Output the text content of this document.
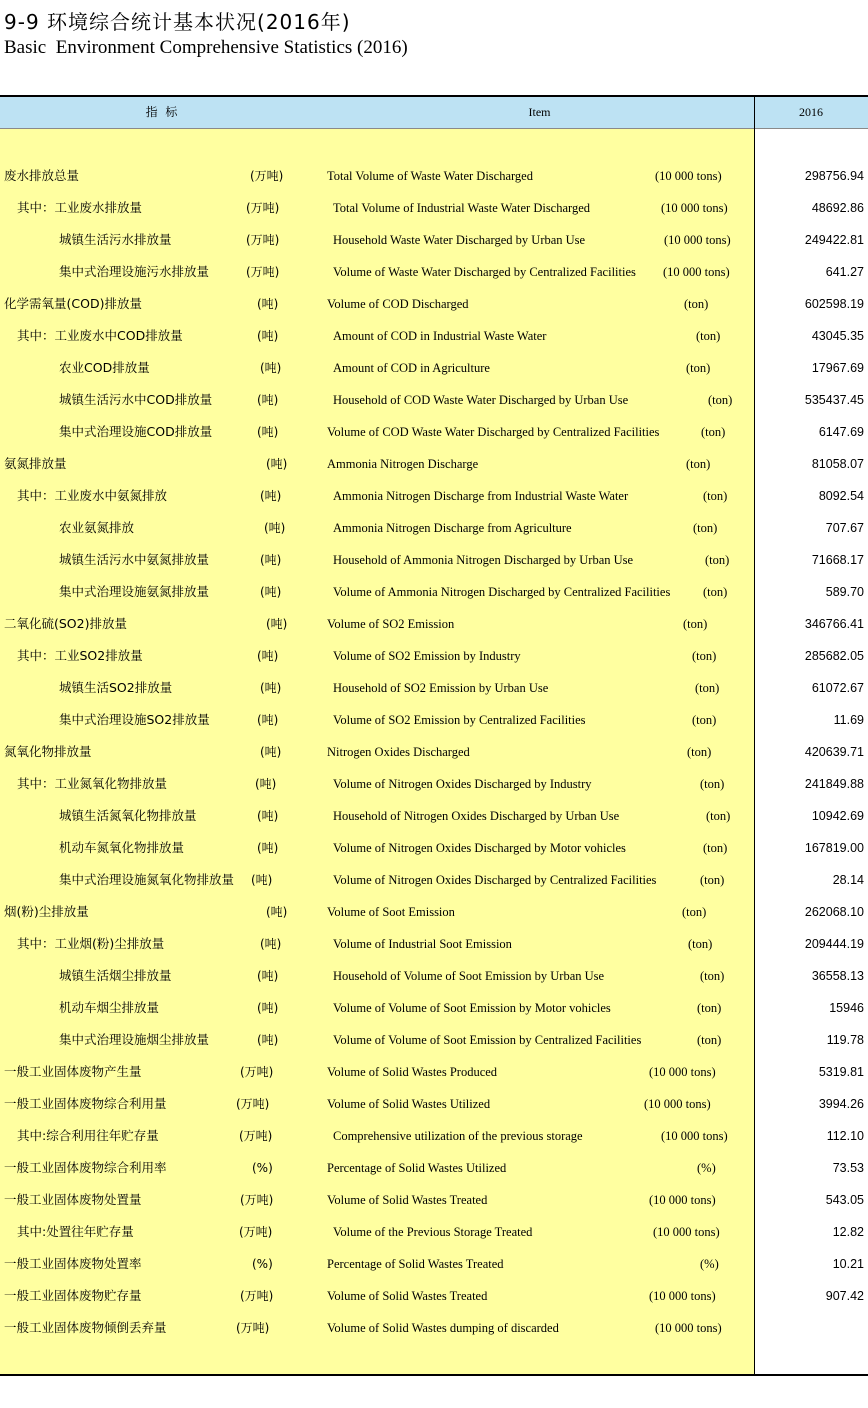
9-9 环境综合统计基本状况(2016年)
Basic  Environment Comprehensive Statistics (2016)
指 标	Item	2016
废水排放总量	(万吨)	Total Volume of Waste Water Discharged	(10 000 tons)	298756.94
其中：工业废水排放量	(万吨)	Total Volume of Industrial Waste Water Discharged	(10 000 tons)	48692.86
城镇生活污水排放量	(万吨)	Household Waste Water Discharged by Urban Use	(10 000 tons)	249422.81
集中式治理设施污水排放量	(万吨)	Volume of Waste Water Discharged by Centralized Facilities (10 000 tons)	641.27
化学需氧量(COD)排放量	(吨)	Volume of COD Discharged	(ton)	602598.19
其中：工业废水中COD排放量	(吨)	Amount of COD in Industrial Waste Water	(ton)	43045.35
农业COD排放量	(吨)	Amount of COD in Agriculture	(ton)	17967.69
城镇生活污水中COD排放量	(吨)	Household of COD Waste Water Discharged by Urban Use	(ton)	535437.45
集中式治理设施COD排放量	(吨)	Volume of COD Waste Water Discharged by Centralized Facilities	(ton)	6147.69
氨氮排放量	(吨)	Ammonia Nitrogen Discharge	(ton)	81058.07
其中：工业废水中氨氮排放	(吨)	Ammonia Nitrogen Discharge from Industrial Waste Water	(ton)	8092.54
农业氨氮排放	(吨)	Ammonia Nitrogen Discharge from Agriculture	(ton)	707.67
城镇生活污水中氨氮排放量	(吨)	Household of Ammonia Nitrogen Discharged by Urban Use	(ton)	71668.17
集中式治理设施氨氮排放量	(吨)	Volume of Ammonia Nitrogen Discharged by Centralized Facilities	(ton)	589.70
二氧化硫(SO2)排放量	(吨)	Volume of SO2 Emission	(ton)	346766.41
其中：工业SO2排放量	(吨)	Volume of SO2 Emission by Industry	(ton)	285682.05
城镇生活SO2排放量	(吨)	Household of SO2 Emission by Urban Use	(ton)	61072.67
集中式治理设施SO2排放量	(吨)	Volume of SO2 Emission by Centralized Facilities	(ton)	11.69
氮氧化物排放量	(吨)	Nitrogen Oxides Discharged	(ton)	420639.71
其中：工业氮氧化物排放量	(吨)	Volume of Nitrogen Oxides Discharged by Industry	(ton)	241849.88
城镇生活氮氧化物排放量	(吨)	Household of Nitrogen Oxides Discharged by Urban Use	(ton)	10942.69
机动车氮氧化物排放量	(吨)	Volume of Nitrogen Oxides Discharged by Motor vohicles	(ton)	167819.00
集中式治理设施氮氧化物排放量 (吨)	Volume of Nitrogen Oxides Discharged by Centralized Facilities	(ton)	28.14
烟(粉)尘排放量	(吨)	Volume of Soot Emission	(ton)	262068.10
其中：工业烟(粉)尘排放量	(吨)	Volume of Industrial Soot Emission	(ton)	209444.19
城镇生活烟尘排放量	(吨)	Household of Volume of Soot Emission by Urban Use	(ton)	36558.13
机动车烟尘排放量	(吨)	Volume of Volume of Soot Emission by Motor vohicles	(ton)	15946
集中式治理设施烟尘排放量	(吨)	Volume of Volume of Soot Emission by Centralized Facilities	(ton)	119.78
一般工业固体废物产生量	(万吨)	Volume of Solid Wastes Produced	(10 000 tons)	5319.81
一般工业固体废物综合利用量	(万吨)	Volume of Solid Wastes Utilized	(10 000 tons)	3994.26
其中:综合利用往年贮存量	(万吨)	Comprehensive utilization of the previous storage	(10 000 tons)	112.10
一般工业固体废物综合利用率	(%)	Percentage of Solid Wastes Utilized	(%)	73.53
一般工业固体废物处置量	(万吨)	Volume of Solid Wastes Treated	(10 000 tons)	543.05
其中:处置往年贮存量	(万吨)	Volume of the Previous Storage Treated	(10 000 tons)	12.82
一般工业固体废物处置率	(%)	Percentage of Solid Wastes Treated	(%)	10.21
一般工业固体废物贮存量	(万吨)	Volume of Solid Wastes Treated	(10 000 tons)	907.42
一般工业固体废物倾倒丢弃量	(万吨)	Volume of Solid Wastes dumping of discarded	(10 000 tons)
